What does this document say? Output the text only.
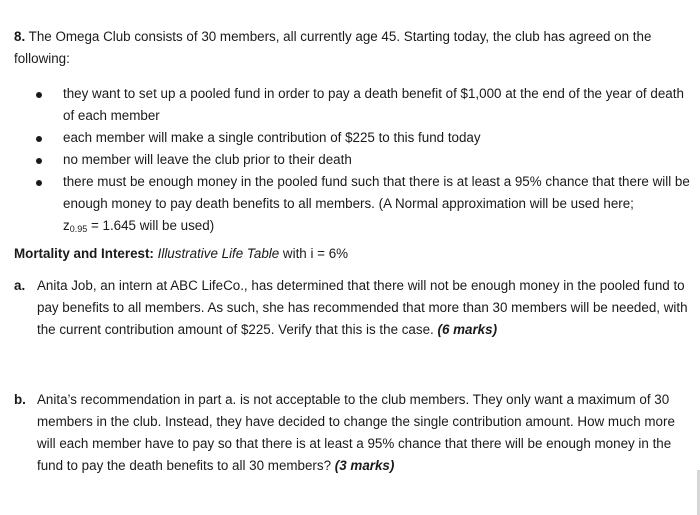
8. The Omega Club consists of 30 members, all currently age 45. Starting today, the club has agreed on the following:
they want to set up a pooled fund in order to pay a death benefit of $1,000 at the end of the year of death of each member
each member will make a single contribution of $225 to this fund today
no member will leave the club prior to their death
there must be enough money in the pooled fund such that there is at least a 95% chance that there will be enough money to pay death benefits to all members. (A Normal approximation will be used here;
z0.95 = 1.645 will be used)
Mortality and Interest: Illustrative Life Table with i = 6%
a. Anita Job, an intern at ABC LifeCo., has determined that there will not be enough money in the pooled fund to pay benefits to all members. As such, she has recommended that more than 30 members will be needed, with the current contribution amount of $225. Verify that this is the case. (6 marks)
b. Anita’s recommendation in part a. is not acceptable to the club members. They only want a maximum of 30 members in the club. Instead, they have decided to change the single contribution amount. How much more will each member have to pay so that there is at least a 95% chance that there will be enough money in the fund to pay the death benefits to all 30 members? (3 marks)
